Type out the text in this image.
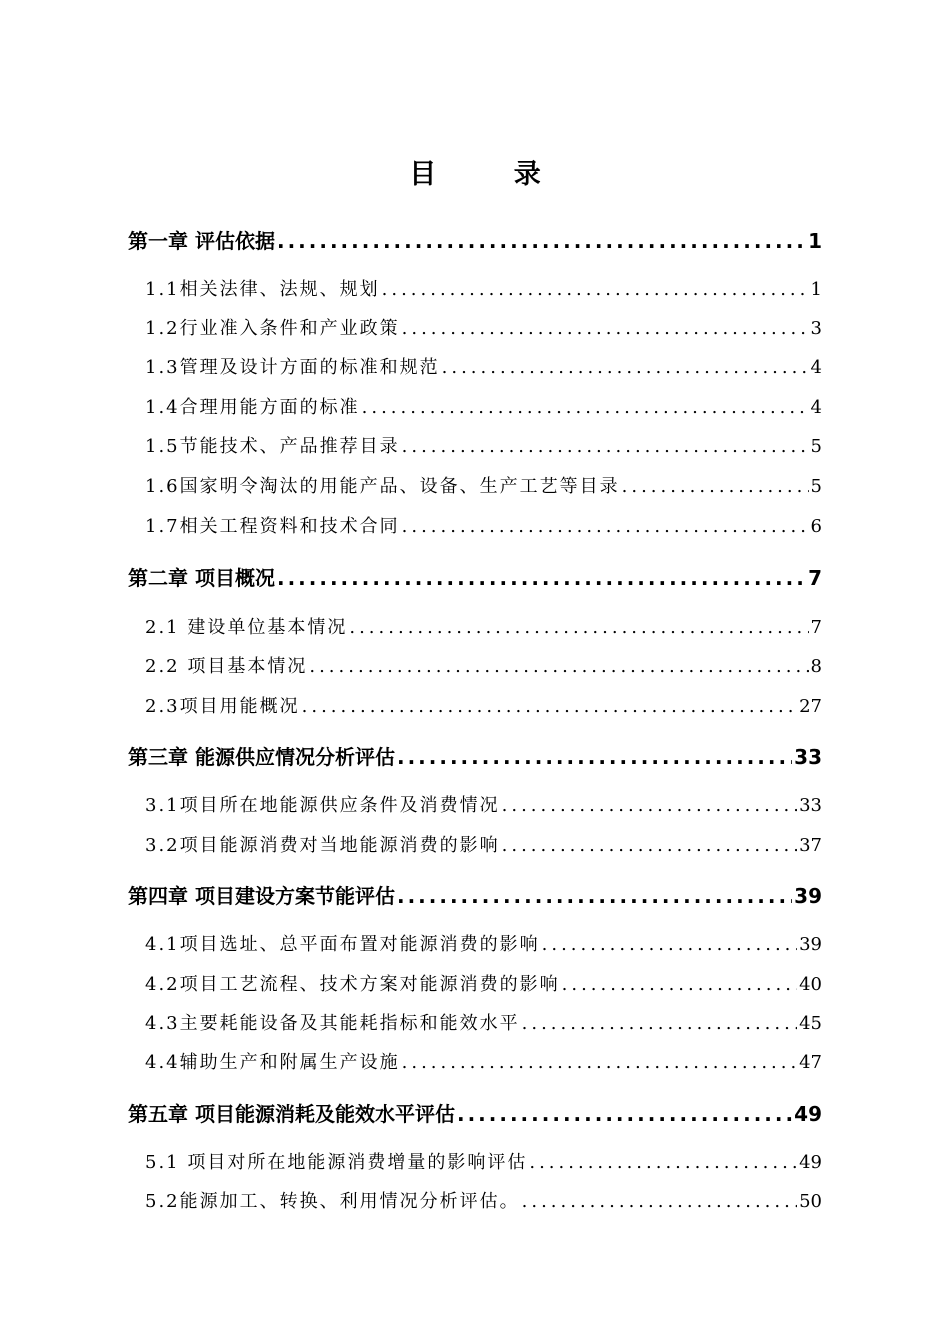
目 录
第一章 评估依据 .....	1
1.1相关法律、法规、规划 .....	1
1.2行业准入条件和产业政策 .....	3
1.3管理及设计方面的标准和规范 .....	4
1.4合理用能方面的标准 .....	4
1.5节能技术、产品推荐目录 .....	5
1.6国家明令淘汰的用能产品、设备、生产工艺等目录 .....	5
1.7相关工程资料和技术合同 .....	6
第二章 项目概况 .....	7
2.1 建设单位基本情况 .....	7
2.2 项目基本情况 .....	8
2.3项目用能概况 .....	27
第三章 能源供应情况分析评估 .....	33
3.1项目所在地能源供应条件及消费情况 .....	33
3.2项目能源消费对当地能源消费的影响 .....	37
第四章 项目建设方案节能评估 .....	39
4.1项目选址、总平面布置对能源消费的影响 .....	39
4.2项目工艺流程、技术方案对能源消费的影响 .....	40
4.3主要耗能设备及其能耗指标和能效水平 .....	45
4.4辅助生产和附属生产设施 .....	47
第五章 项目能源消耗及能效水平评估 .....	49
5.1 项目对所在地能源消费增量的影响评估 .....	49
5.2能源加工、转换、利用情况分析评估。 .....	50
